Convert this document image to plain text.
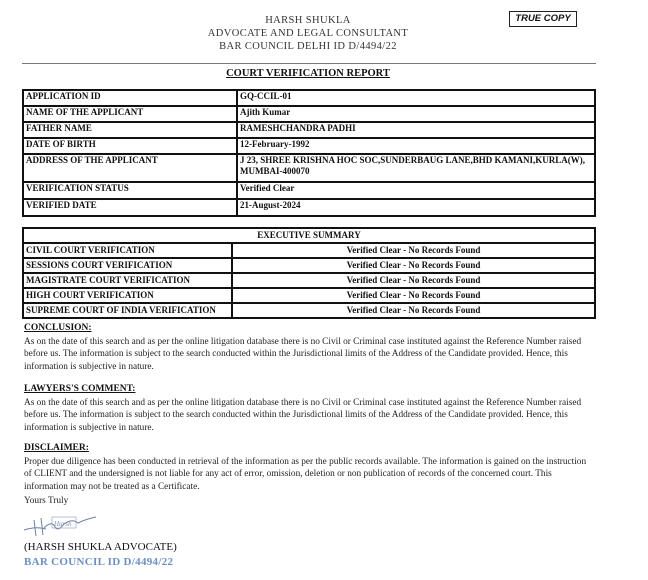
HARSH SHUKLA
ADVOCATE AND LEGAL CONSULTANT
BAR COUNCIL DELHI ID D/4494/22
TRUE COPY
COURT VERIFICATION REPORT
APPLICATION ID	GQ-CCIL-01
NAME OF THE APPLICANT	Ajith Kumar
FATHER NAME	RAMESHCHANDRA PADHI
DATE OF BIRTH	12-February-1992
ADDRESS OF THE APPLICANT	J 23, SHREE KRISHNA HOC SOC,SUNDERBAUG LANE,BHD KAMANI,KURLA(W), MUMBAI-400070
VERIFICATION STATUS	Verified Clear
VERIFIED DATE	21-August-2024
EXECUTIVE SUMMARY	
CIVIL COURT VERIFICATION	Verified Clear - No Records Found
SESSIONS COURT VERIFICATION	Verified Clear - No Records Found
MAGISTRATE COURT VERIFICATION	Verified Clear - No Records Found
HIGH COURT VERIFICATION	Verified Clear - No Records Found
SUPREME COURT OF INDIA VERIFICATION	Verified Clear - No Records Found
CONCLUSION:
As on the date of this search and as per the online litigation database there is no Civil or Criminal case instituted against the Reference Number raised before us. The information is subject to the search conducted within the Jurisdictional limits of the Address of the Candidate provided. Hence, this information is subjective in nature.
LAWYERS'S COMMENT:
As on the date of this search and as per the online litigation database there is no Civil or Criminal case instituted against the Reference Number raised before us. The information is subject to the search conducted within the Jurisdictional limits of the Address of the Candidate provided. Hence, this information is subjective in nature.
DISCLAIMER:
Proper due diligence has been conducted in retrieval of the information as per the public records available. The information is gained on the instruction of CLIENT and the undersigned is not liable for any act of error, omission, deletion or non publication of records of the concerned court. This information may not be treated as a Certificate.
Yours Truly
Harsh
(HARSH SHUKLA ADVOCATE)
BAR COUNCIL ID D/4494/22
